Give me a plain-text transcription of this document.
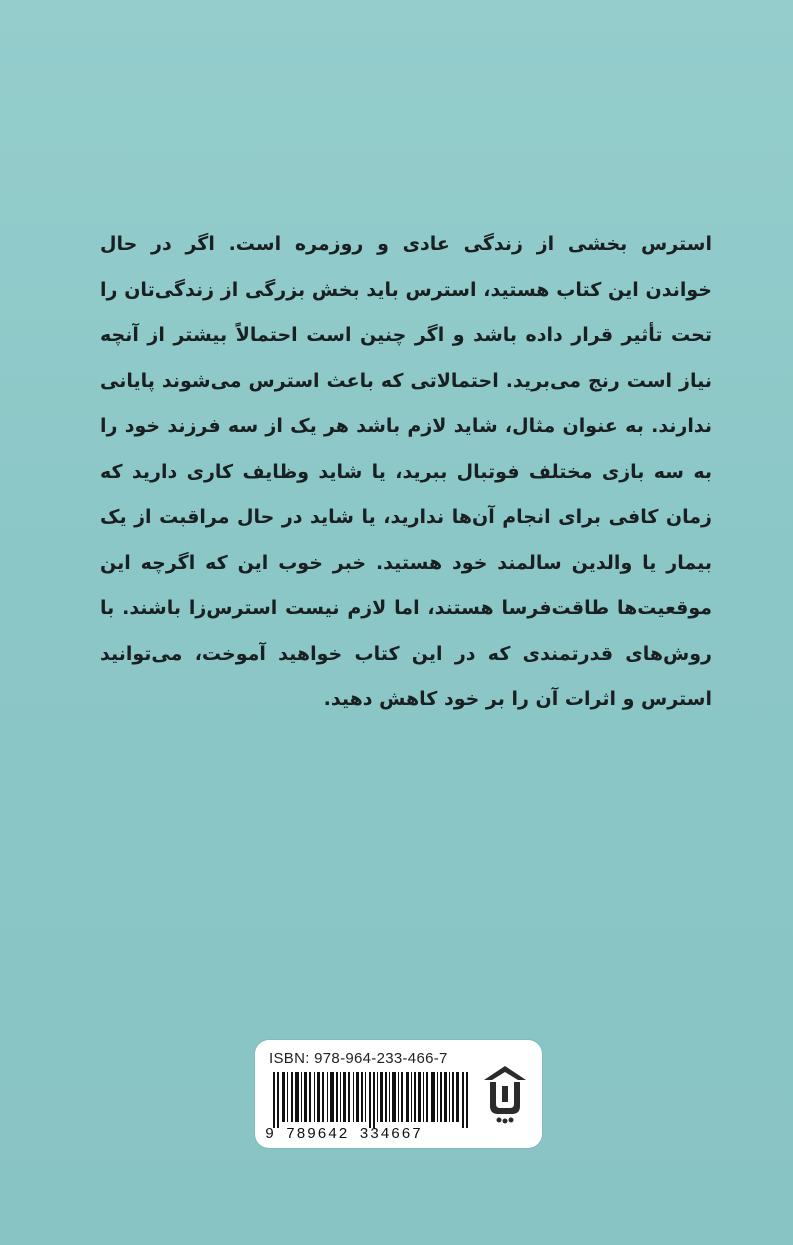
استرس بخشی از زندگی عادی و روزمره است. اگر در حال خواندن این کتاب هستید، استرس باید بخش بزرگی از زندگی‌تان را تحت تأثیر قرار داده باشد و اگر چنین است احتمالاً بیشتر از آنچه نیاز است رنج می‌برید. احتمالاتی که باعث استرس می‌شوند پایانی ندارند. به عنوان مثال، شاید لازم باشد هر یک از سه فرزند خود را به سه بازی مختلف فوتبال ببرید، یا شاید وظایف کاری دارید که زمان کافی برای انجام آن‌ها ندارید، یا شاید در حال مراقبت از یک بیمار یا والدین سالمند خود هستید. خبر خوب این که اگرچه این موقعیت‌ها طاقت‌فرسا هستند، اما لازم نیست استرس‌زا باشند. با روش‌های قدرتمندی که در این کتاب خواهید آموخت، می‌توانید استرس و اثرات آن را بر خود کاهش دهید.

ISBN: 978-964-233-466-7
9 789642 334667
